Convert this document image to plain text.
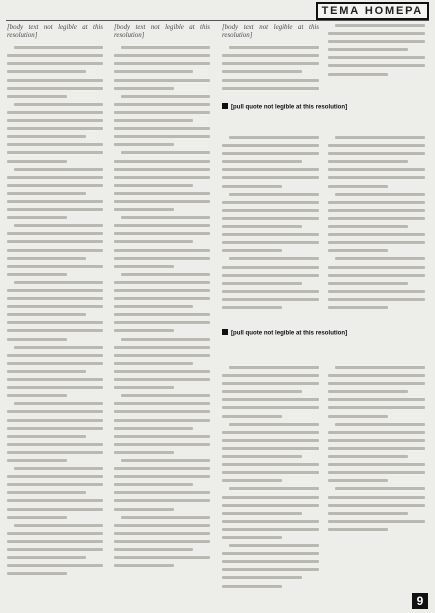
ТЕМА НОМЕРА

[body text not legible at this resolution]

[body text not legible at this resolution]

[body text not legible at this resolution]

[pull quote not legible at this resolution]
[pull quote not legible at this resolution]
9
